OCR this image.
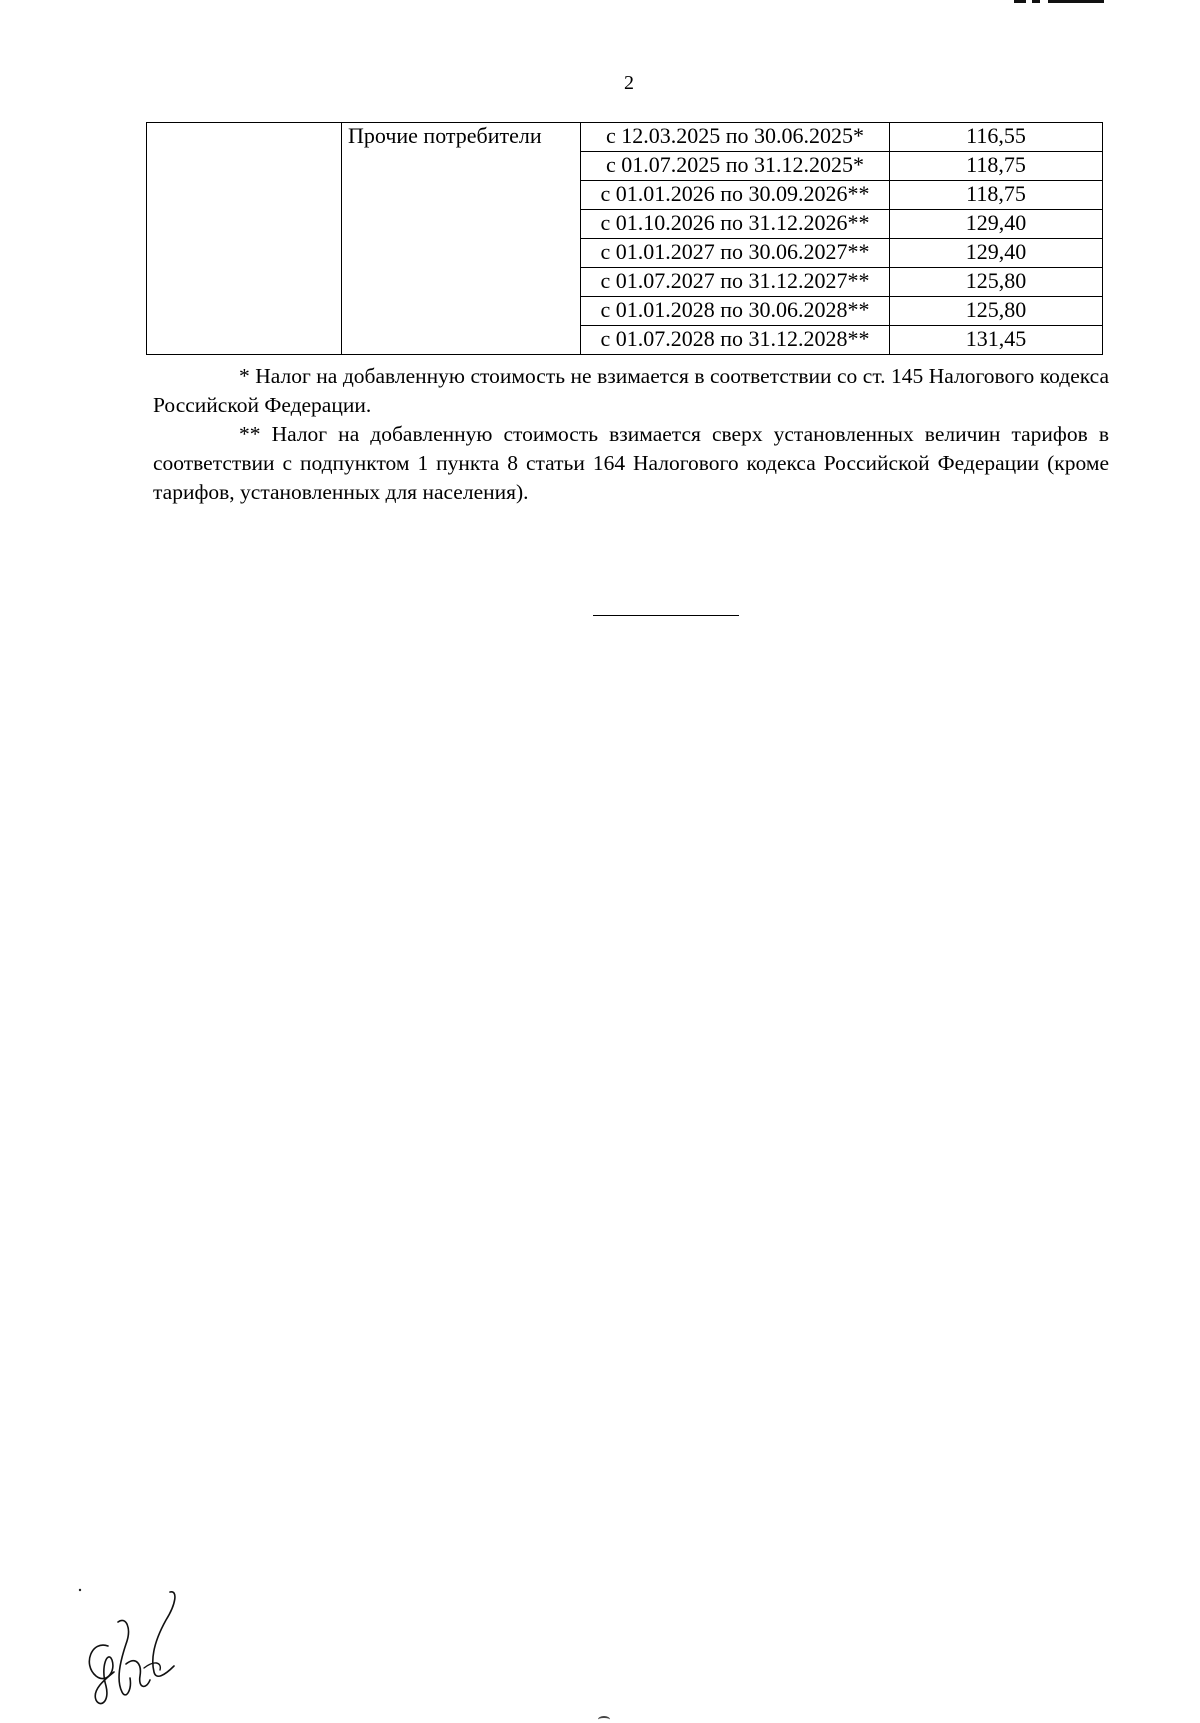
2
	Прочие потребители	с 12.03.2025 по 30.06.2025*	116,55
		с 01.07.2025 по 31.12.2025*	118,75
		с 01.01.2026 по 30.09.2026**	118,75
		с 01.10.2026 по 31.12.2026**	129,40
		с 01.01.2027 по 30.06.2027**	129,40
		с 01.07.2027 по 31.12.2027**	125,80
		с 01.01.2028 по 30.06.2028**	125,80
		с 01.07.2028 по 31.12.2028**	131,45

* Налог на добавленную стоимость не взимается в соответствии со ст. 145 Налогового кодекса Российской Федерации.

** Налог на добавленную стоимость взимается сверх установленных величин тарифов в соответствии с подпунктом 1 пункта 8 статьи 164 Налогового кодекса Российской Федерации (кроме тарифов, установленных для населения).
